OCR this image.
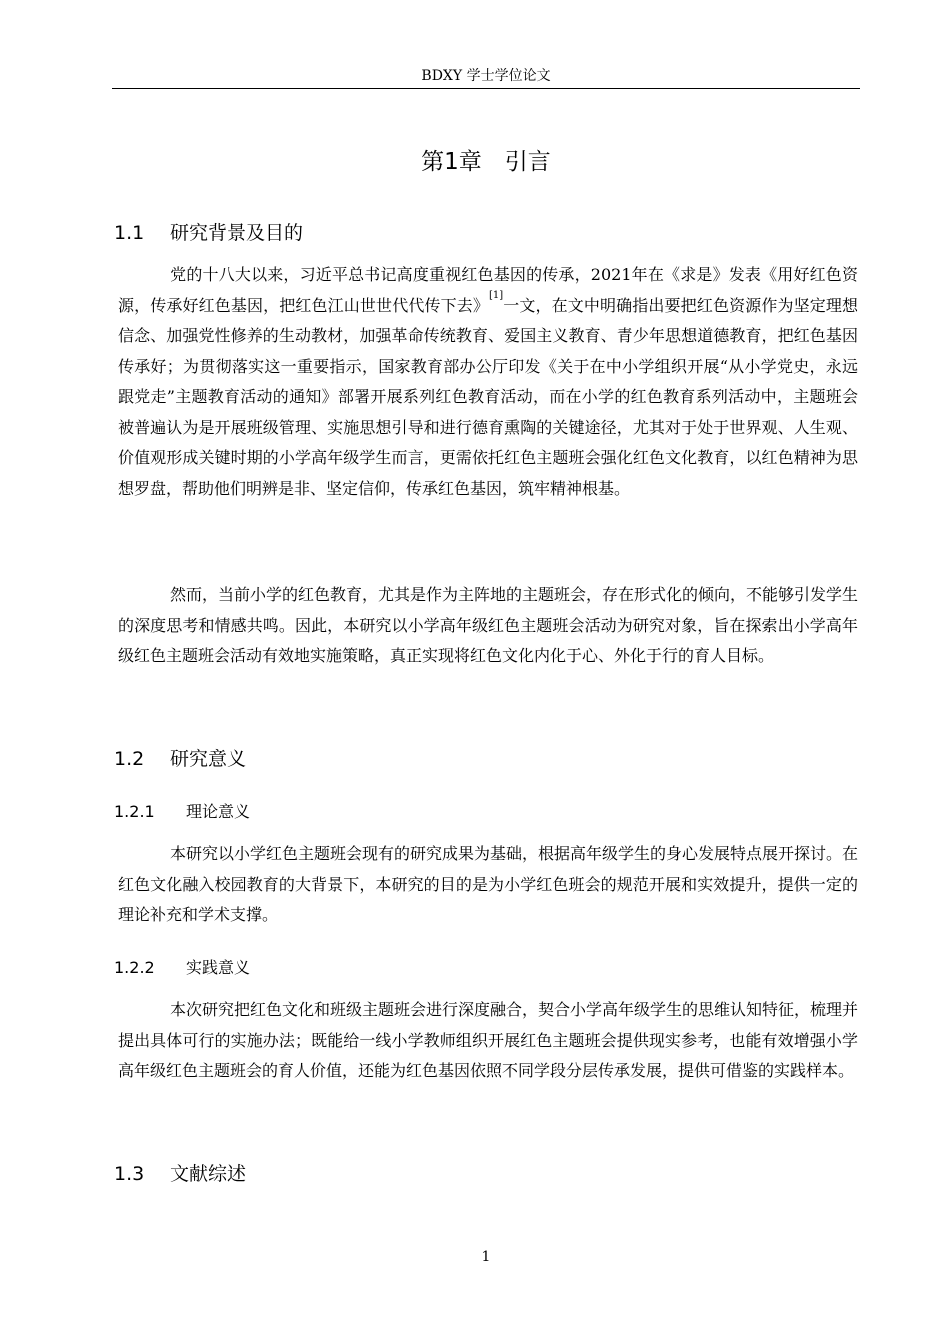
BDXY 学士学位论文
第1章　引言
1.1 研究背景及目的

党的十八大以来，习近平总书记高度重视红色基因的传承，2021年在《求是》发表《用好红色资源，传承好红色基因，把红色江山世世代代传下去》[1]一文，在文中明确指出要把红色资源作为坚定理想信念、加强党性修养的生动教材，加强革命传统教育、爱国主义教育、青少年思想道德教育，把红色基因传承好；为贯彻落实这一重要指示，国家教育部办公厅印发《关于在中小学组织开展“从小学党史，永远跟党走”主题教育活动的通知》部署开展系列红色教育活动，而在小学的红色教育系列活动中，主题班会被普遍认为是开展班级管理、实施思想引导和进行德育熏陶的关键途径，尤其对于处于世界观、人生观、价值观形成关键时期的小学高年级学生而言，更需依托红色主题班会强化红色文化教育，以红色精神为思想罗盘，帮助他们明辨是非、坚定信仰，传承红色基因，筑牢精神根基。

然而，当前小学的红色教育，尤其是作为主阵地的主题班会，存在形式化的倾向，不能够引发学生的深度思考和情感共鸣。因此，本研究以小学高年级红色主题班会活动为研究对象，旨在探索出小学高年级红色主题班会活动有效地实施策略，真正实现将红色文化内化于心、外化于行的育人目标。

1.2 研究意义
1.2.1 理论意义

本研究以小学红色主题班会现有的研究成果为基础，根据高年级学生的身心发展特点展开探讨。在红色文化融入校园教育的大背景下，本研究的目的是为小学红色班会的规范开展和实效提升，提供一定的理论补充和学术支撑。

1.2.2 实践意义

本次研究把红色文化和班级主题班会进行深度融合，契合小学高年级学生的思维认知特征，梳理并提出具体可行的实施办法；既能给一线小学教师组织开展红色主题班会提供现实参考，也能有效增强小学高年级红色主题班会的育人价值，还能为红色基因依照不同学段分层传承发展，提供可借鉴的实践样本。

1.3 文献综述
1
